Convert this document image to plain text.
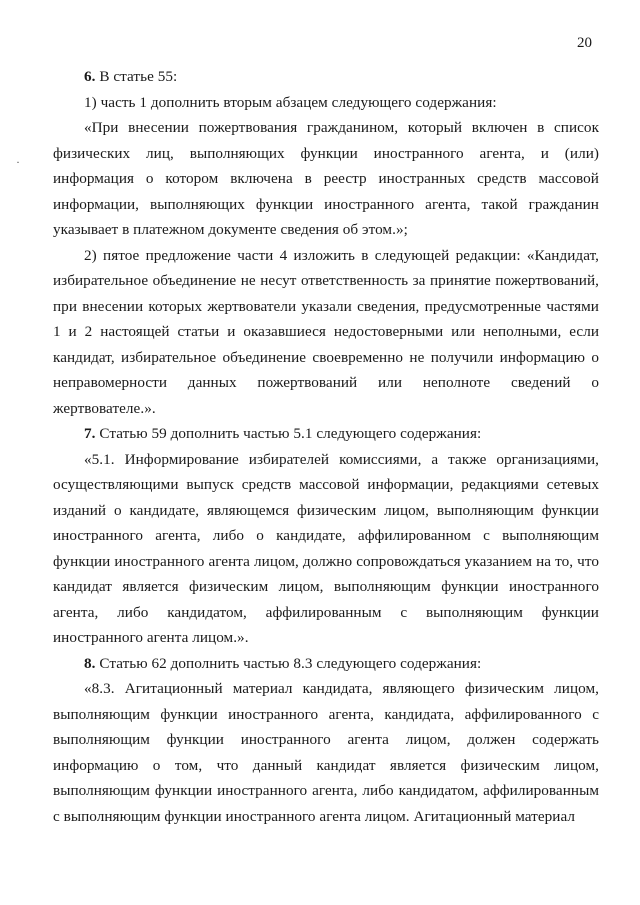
20
·

6. В статье 55:

1) часть 1 дополнить вторым абзацем следующего содержания:

«При внесении пожертвования гражданином, который включен в список физических лиц, выполняющих функции иностранного агента, и (или) информация о котором включена в реестр иностранных средств массовой информации, выполняющих функции иностранного агента, такой гражданин указывает в платежном документе сведения об этом.»;

2) пятое предложение части 4 изложить в следующей редакции: «Кандидат, избирательное объединение не несут ответственность за принятие пожертвований, при внесении которых жертвователи указали сведения, предусмотренные частями 1 и 2 настоящей статьи и оказавшиеся недостоверными или неполными, если кандидат, избирательное объединение своевременно не получили информацию о неправомерности данных пожертвований или неполноте сведений о жертвователе.».

7. Статью 59 дополнить частью 5.1 следующего содержания:

«5.1. Информирование избирателей комиссиями, а также организациями, осуществляющими выпуск средств массовой информации, редакциями сетевых изданий о кандидате, являющемся физическим лицом, выполняющим функции иностранного агента, либо о кандидате, аффилированном с выполняющим функции иностранного агента лицом, должно сопровождаться указанием на то, что кандидат является физическим лицом, выполняющим функции иностранного агента, либо кандидатом, аффилированным с выполняющим функции иностранного агента лицом.».

8. Статью 62 дополнить частью 8.3 следующего содержания:

«8.3. Агитационный материал кандидата, являющего физическим лицом, выполняющим функции иностранного агента, кандидата, аффилированного с выполняющим функции иностранного агента лицом, должен содержать информацию о том, что данный кандидат является физическим лицом, выполняющим функции иностранного агента, либо кандидатом, аффилированным с выполняющим функции иностранного агента лицом. Агитационный материал
